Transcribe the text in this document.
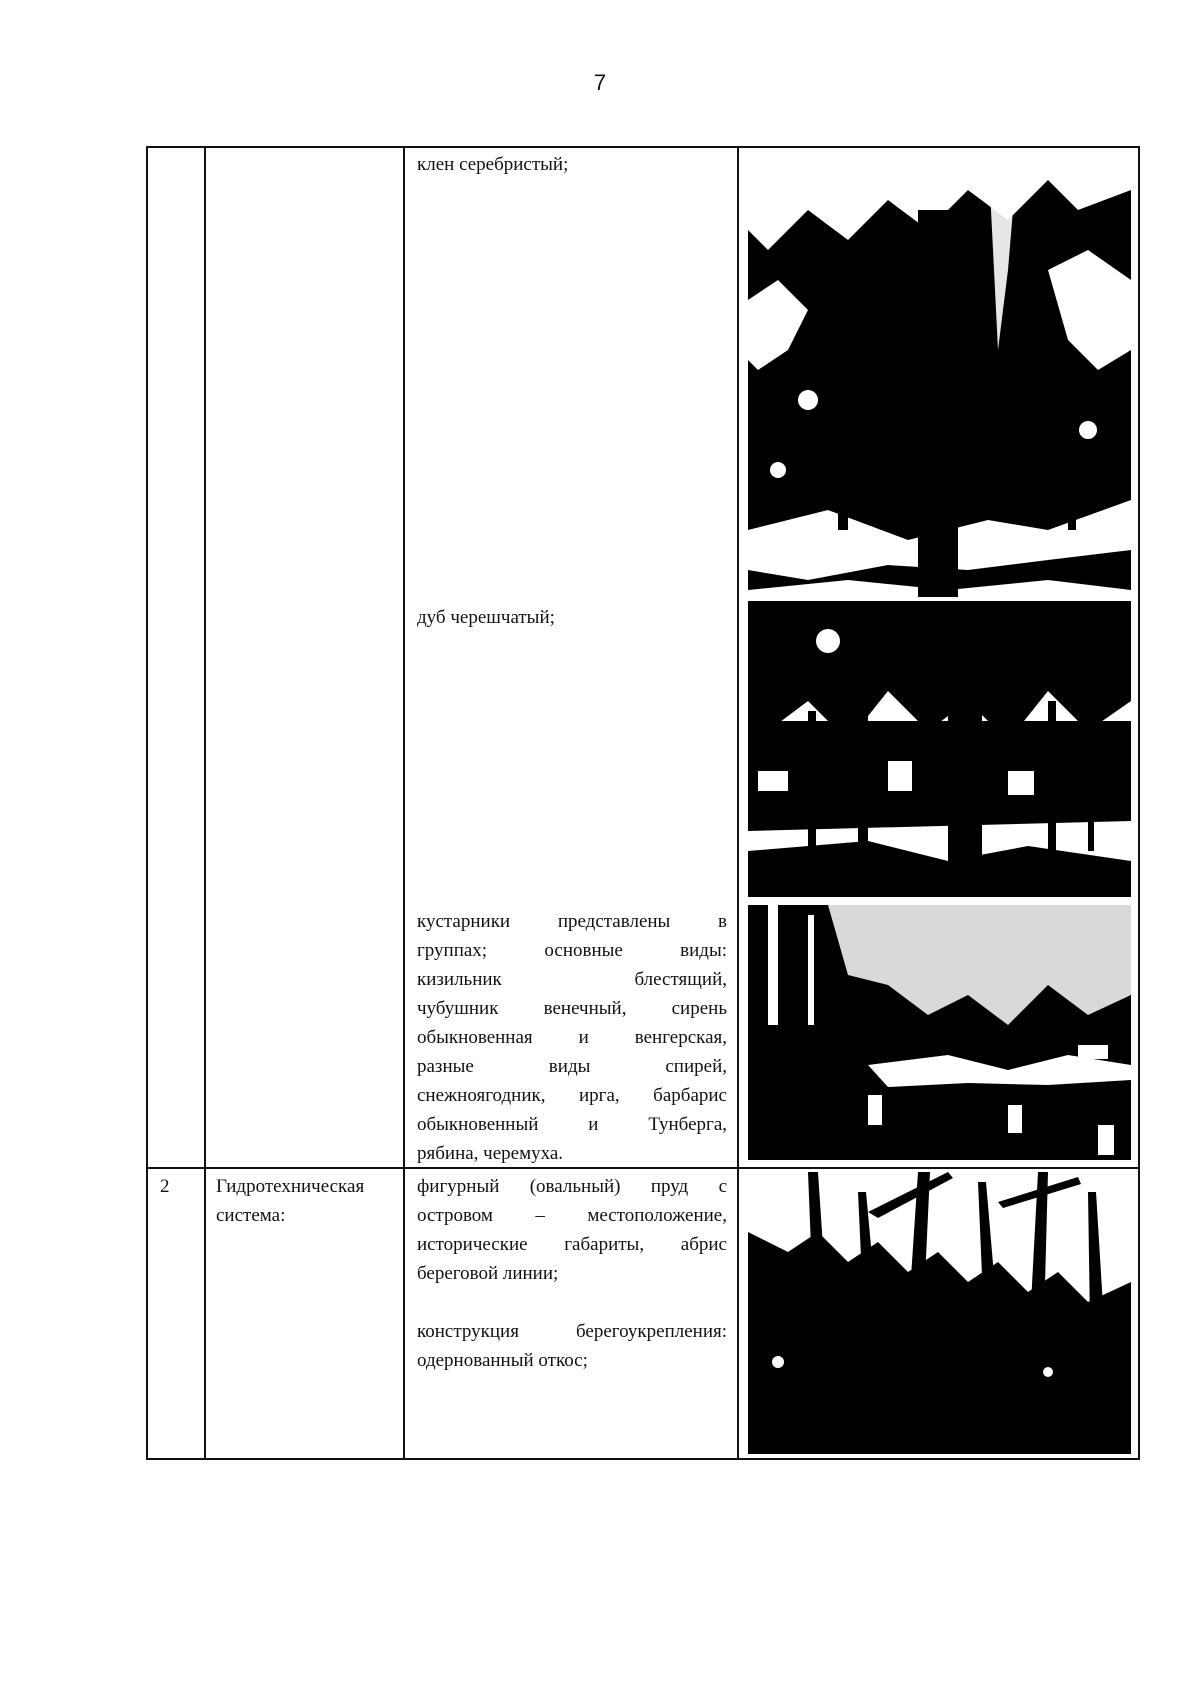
7
клен серебристый;
дуб черешчатый;
кустарники представлены в
группах; основные виды:
кизильник блестящий,
чубушник венечный, сирень
обыкновенная и венгерская,
разные виды спирей,
снежноягодник, ирга, барбарис
обыкновенный и Тунберга,
рябина, черемуха.
2 Гидротехническая
система:
фигурный (овальный) пруд с
островом – местоположение,
исторические габариты, абрис
береговой линии;
конструкция берегоукрепления:
одернованный откос;
